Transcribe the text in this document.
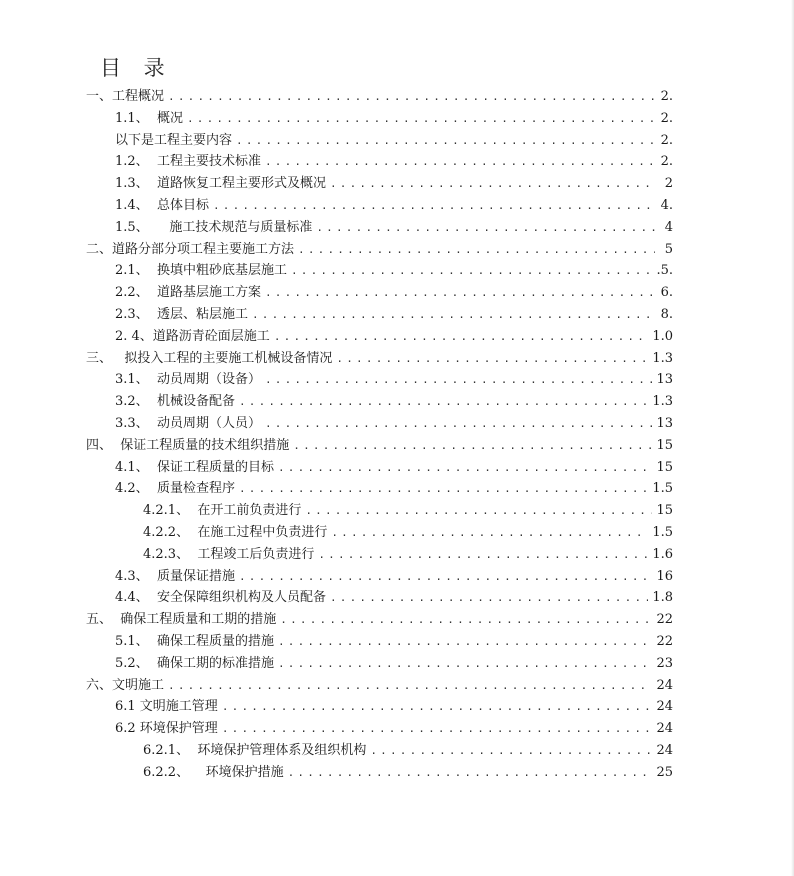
目 录
一、工程概况 .....	2.
1.1、  概况 .....	2.
以下是工程主要内容 .....	2.
1.2、  工程主要技术标准 .....	2.
1.3、  道路恢复工程主要形式及概况 .....	2
1.4、  总体目标 .....	4.
1.5、     施工技术规范与质量标准 .....	4
二、道路分部分项工程主要施工方法 .....	5
2.1、  换填中粗砂底基层施工 .....	.5.
2.2、  道路基层施工方案 .....	6.
2.3、  透层、粘层施工 .....	8.
2. 4、道路沥青砼面层施工 .....	1.0
三、   拟投入工程的主要施工机械设备情况 .....	1.3
3.1、  动员周期（设备） .....	13
3.2、  机械设备配备 .....	1.3
3.3、  动员周期（人员） .....	13
四、  保证工程质量的技术组织措施 .....	15
4.1、  保证工程质量的目标 .....	15
4.2、  质量检查程序 .....	1.5
4.2.1、  在开工前负责进行 .....	15
4.2.2、  在施工过程中负责进行 .....	1.5
4.2.3、  工程竣工后负责进行 .....	1.6
4.3、  质量保证措施 .....	16
4.4、  安全保障组织机构及人员配备 .....	1.8
五、  确保工程质量和工期的措施 .....	22
5.1、  确保工程质量的措施 .....	22
5.2、  确保工期的标准措施 .....	23
六、文明施工 .....	24
6.1 文明施工管理 .....	24
6.2 环境保护管理 .....	24
6.2.1、  环境保护管理体系及组织机构 .....	24
6.2.2、    环境保护措施 .....	25
